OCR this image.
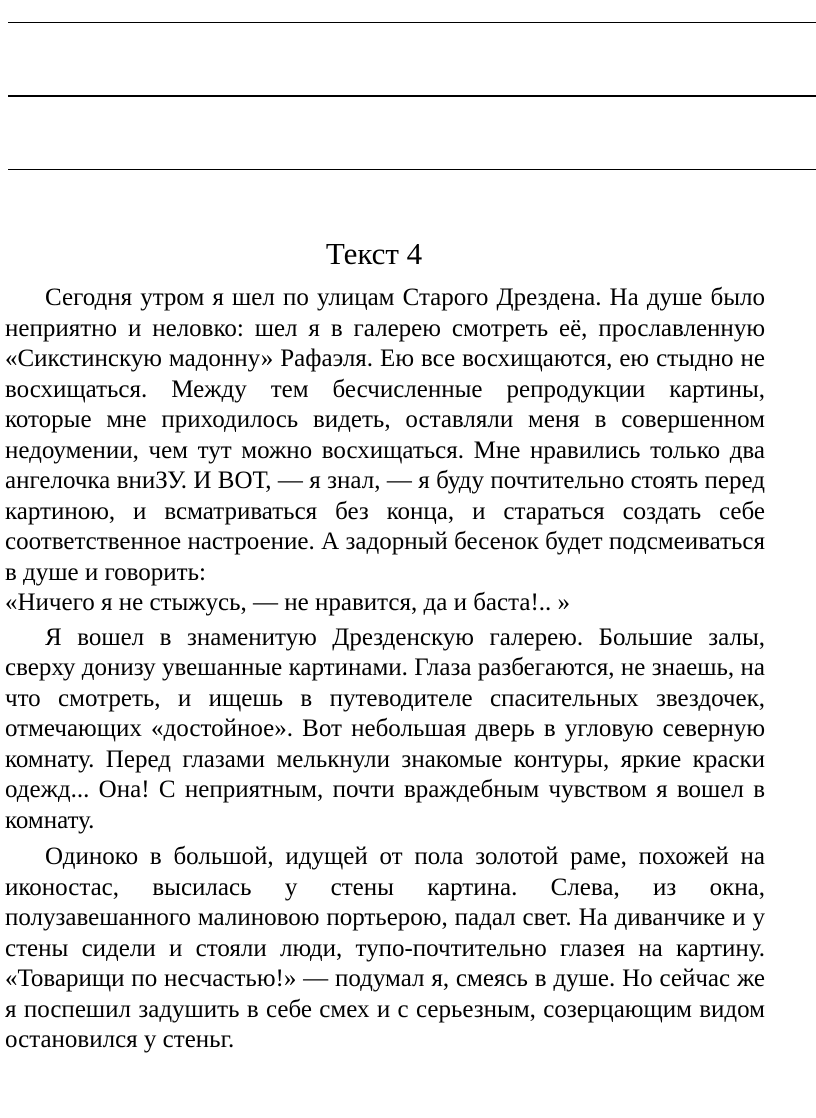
Текст 4

Сегодня утром я шел по улицам Старого Дрездена. На душе было неприятно и неловко: шел я в галерею смотреть её, прославленную «Сикстинскую мадонну» Рафаэля. Ею все восхищаются, ею стыдно не восхищаться. Между тем бесчисленные репродукции картины, которые мне приходилось видеть, оставляли меня в совершенном недоумении, чем тут можно восхищаться. Мне нравились только два ангелочка вниЗУ. И ВОТ, — я знал, — я буду почтительно стоять перед картиною, и всматриваться без конца, и стараться создать себе соответственное настроение. А задорный бесенок будет подсмеиваться в душе и говорить:

«Ничего я не стыжусь, — не нравится, да и баста!.. »

Я вошел в знаменитую Дрезденскую галерею. Большие залы, сверху донизу увешанные картинами. Глаза разбегаются, не знаешь, на что смотреть, и ищешь в путеводителе спасительных звездочек, отмечающих «достойное». Вот небольшая дверь в угловую северную комнату. Перед глазами мелькнули знакомые контуры, яркие краски одежд... Она! С неприятным, почти враждебным чувством я вошел в комнату.

Одиноко в большой, идущей от пола золотой раме, похожей на иконостас, высилась у стены картина. Слева, из окна, полузавешанного малиновою портьерою, падал свет. На диванчике и у стены сидели и стояли люди, тупо-почтительно глазея на картину. «Товарищи по несчастью!» — подумал я, смеясь в душе. Но сейчас же я поспешил задушить в себе смех и с серьезным, созерцающим видом остановился у стеньг.
